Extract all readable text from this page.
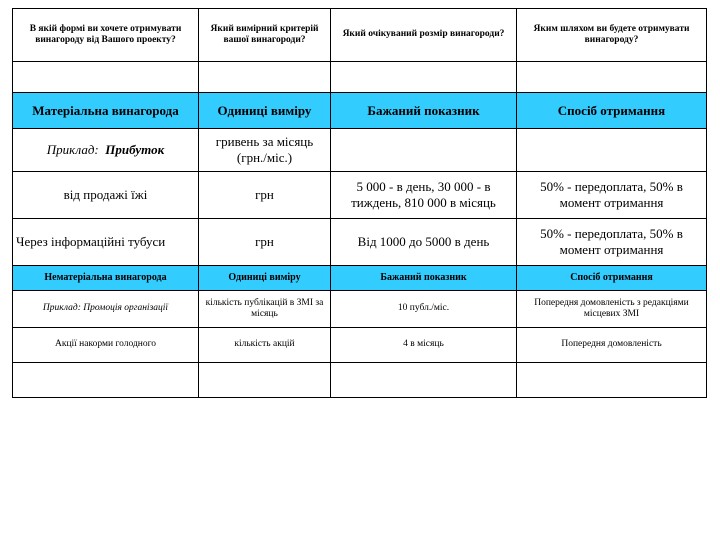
В якій формі ви хочете отримувати винагороду від Вашого проекту?	Який вимірний критерій вашої винагороди?	Який очікуваний розмір винагороди?	Яким шляхом ви будете отримувати винагороду?

Матеріальна винагорода	Одиниці виміру	Бажаний показник	Спосіб отримання
Приклад: Прибуток	гривень за місяць (грн./міс.)		
від продажі їжі	грн	5 000 - в день, 30 000 - в тиждень, 810 000 в місяць	50% - передоплата, 50% в момент отримання
Через інформаційні тубуси	грн	Від 1000 до 5000 в день	50% - передоплата, 50% в момент отримання
Нематеріальна винагорода	Одиниці виміру	Бажаний показник	Спосіб отримання
Приклад: Промоція організації	кількість публікацій в ЗМІ за місяць	10 публ./міс.	Попередня домовленість з редакціями місцевих ЗМІ
Акції накорми голодного	кількість акцій	4 в місяць	Попередня домовленість
